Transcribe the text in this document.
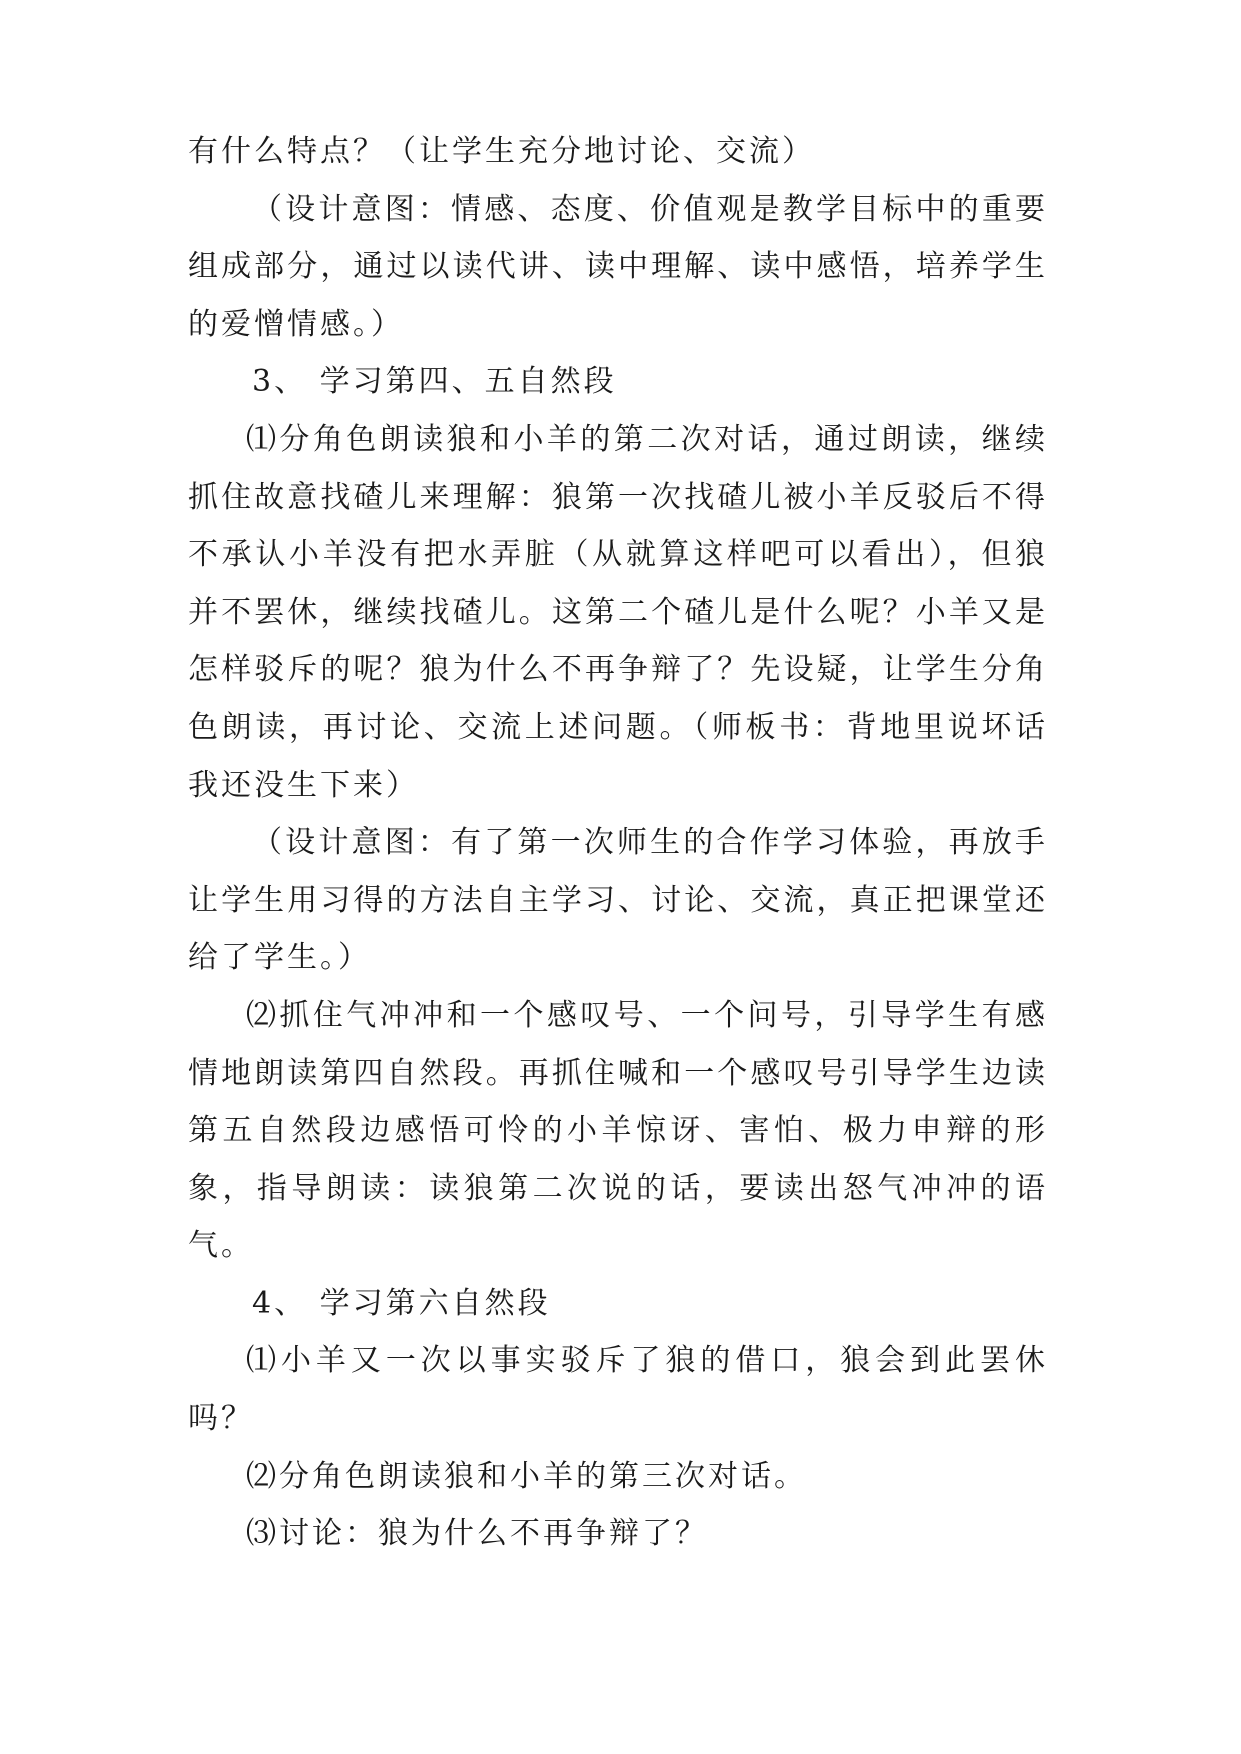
有什么特点？（让学生充分地讨论、交流）

（设计意图：情感、态度、价值观是教学目标中的重要组成部分，通过以读代讲、读中理解、读中感悟，培养学生的爱憎情感。）

3、 学习第四、五自然段

⑴分角色朗读狼和小羊的第二次对话，通过朗读，继续抓住故意找碴儿来理解：狼第一次找碴儿被小羊反驳后不得不承认小羊没有把水弄脏（从就算这样吧可以看出），但狼并不罢休，继续找碴儿。这第二个碴儿是什么呢？小羊又是怎样驳斥的呢？狼为什么不再争辩了？先设疑，让学生分角色朗读，再讨论、交流上述问题。（师板书：背地里说坏话 我还没生下来）

（设计意图：有了第一次师生的合作学习体验，再放手让学生用习得的方法自主学习、讨论、交流，真正把课堂还给了学生。）

⑵抓住气冲冲和一个感叹号、一个问号，引导学生有感情地朗读第四自然段。再抓住喊和一个感叹号引导学生边读第五自然段边感悟可怜的小羊惊讶、害怕、极力申辩的形象，指导朗读：读狼第二次说的话，要读出怒气冲冲的语气。

4、 学习第六自然段

⑴小羊又一次以事实驳斥了狼的借口，狼会到此罢休吗？

⑵分角色朗读狼和小羊的第三次对话。

⑶讨论：狼为什么不再争辩了？
